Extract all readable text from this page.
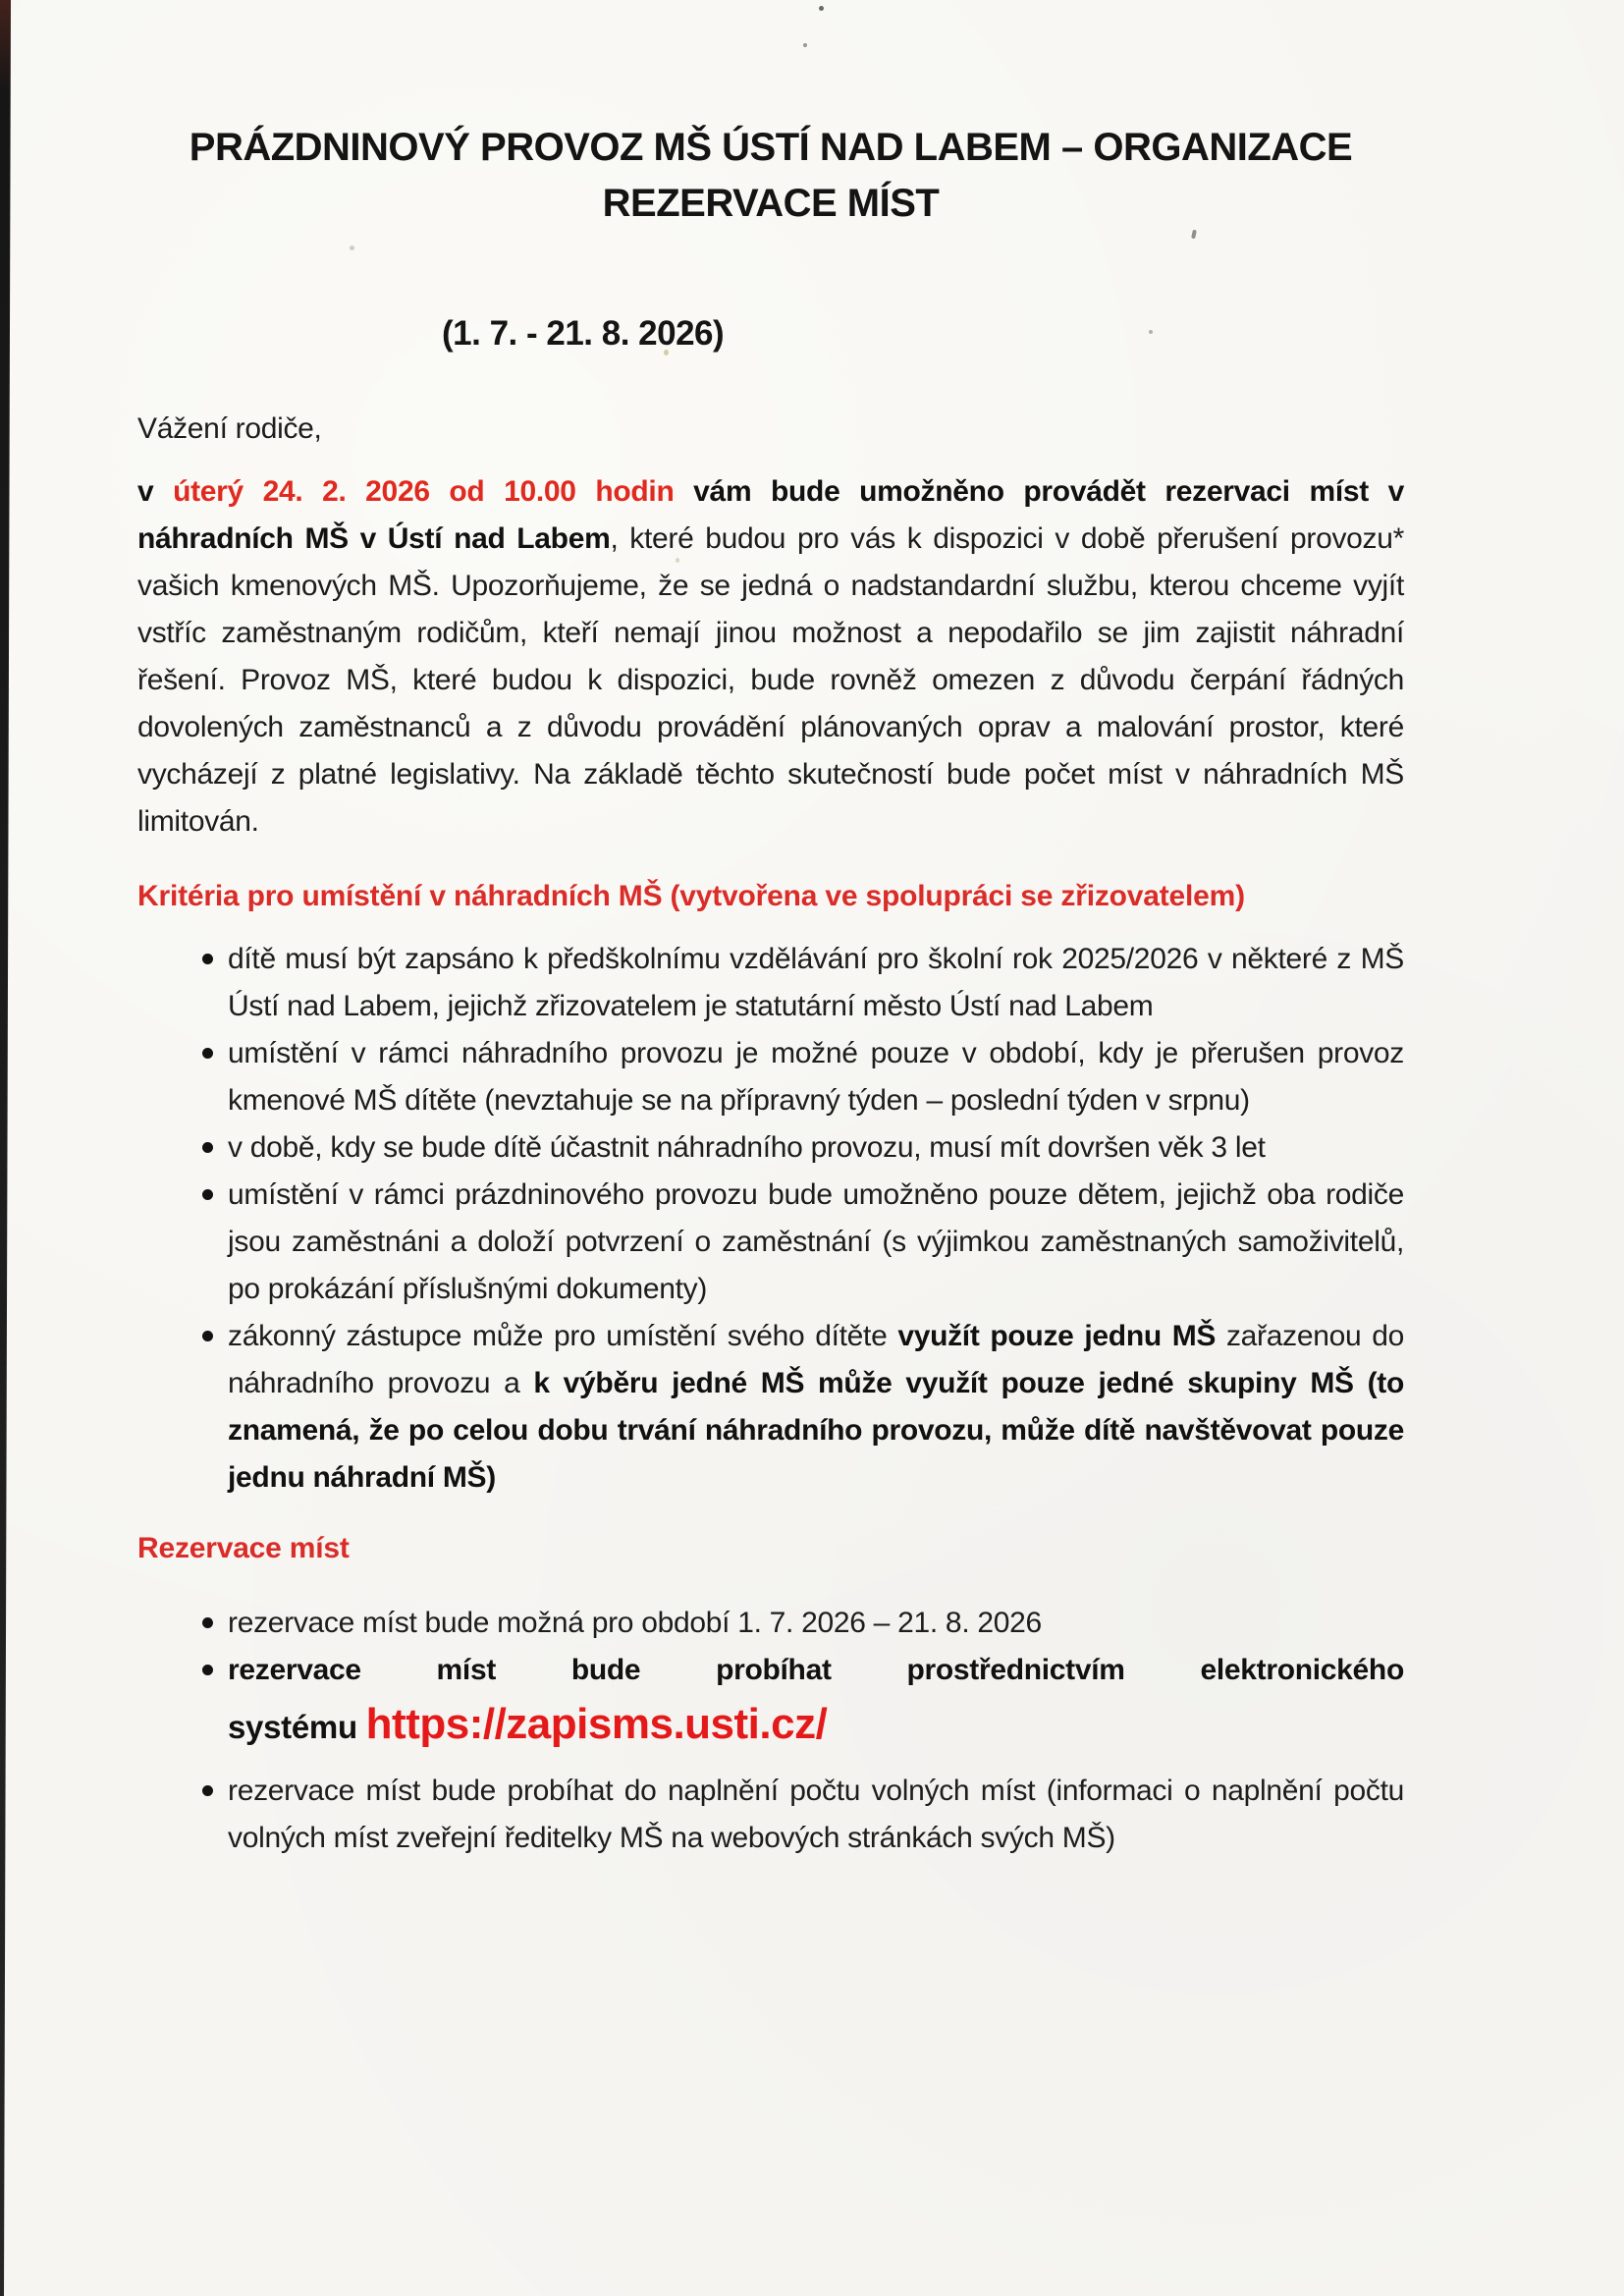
PRÁZDNINOVÝ PROVOZ MŠ ÚSTÍ NAD LABEM – ORGANIZACE
REZERVACE MÍST
(1. 7. - 21. 8. 2026)

Vážení rodiče,

v úterý 24. 2. 2026 od 10.00 hodin vám bude umožněno provádět rezervaci míst v náhradních MŠ v Ústí nad Labem, které budou pro vás k dispozici v době přerušení provozu* vašich kmenových MŠ. Upozorňujeme, že se jedná o nadstandardní službu, kterou chceme vyjít vstříc zaměstnaným rodičům, kteří nemají jinou možnost a nepodařilo se jim zajistit náhradní řešení. Provoz MŠ, které budou k dispozici, bude rovněž omezen z důvodu čerpání řádných dovolených zaměstnanců a z důvodu provádění plánovaných oprav a malování prostor, které vycházejí z platné legislativy. Na základě těchto skutečností bude počet míst v náhradních MŠ limitován.

Kritéria pro umístění v náhradních MŠ (vytvořena ve spolupráci se zřizovatelem)
dítě musí být zapsáno k předškolnímu vzdělávání pro školní rok 2025/2026 v některé z MŠ Ústí nad Labem, jejichž zřizovatelem je statutární město Ústí nad Labem
umístění v rámci náhradního provozu je možné pouze v období, kdy je přerušen provoz kmenové MŠ dítěte (nevztahuje se na přípravný týden – poslední týden v srpnu)
v době, kdy se bude dítě účastnit náhradního provozu, musí mít dovršen věk 3 let
umístění v rámci prázdninového provozu bude umožněno pouze dětem, jejichž oba rodiče jsou zaměstnáni a doloží potvrzení o zaměstnání (s výjimkou zaměstnaných samoživitelů, po prokázání příslušnými dokumenty)
zákonný zástupce může pro umístění svého dítěte využít pouze jednu MŠ zařazenou do náhradního provozu a k výběru jedné MŠ může využít pouze jedné skupiny MŠ (to znamená, že po celou dobu trvání náhradního provozu, může dítě navštěvovat pouze jednu náhradní MŠ)
Rezervace míst
rezervace míst bude možná pro období 1. 7. 2026 – 21. 8. 2026
rezervace míst bude probíhat prostřednictvím elektronického
systému https://zapisms.usti.cz/
rezervace míst bude probíhat do naplnění počtu volných míst (informaci o naplnění počtu volných míst zveřejní ředitelky MŠ na webových stránkách svých MŠ)
